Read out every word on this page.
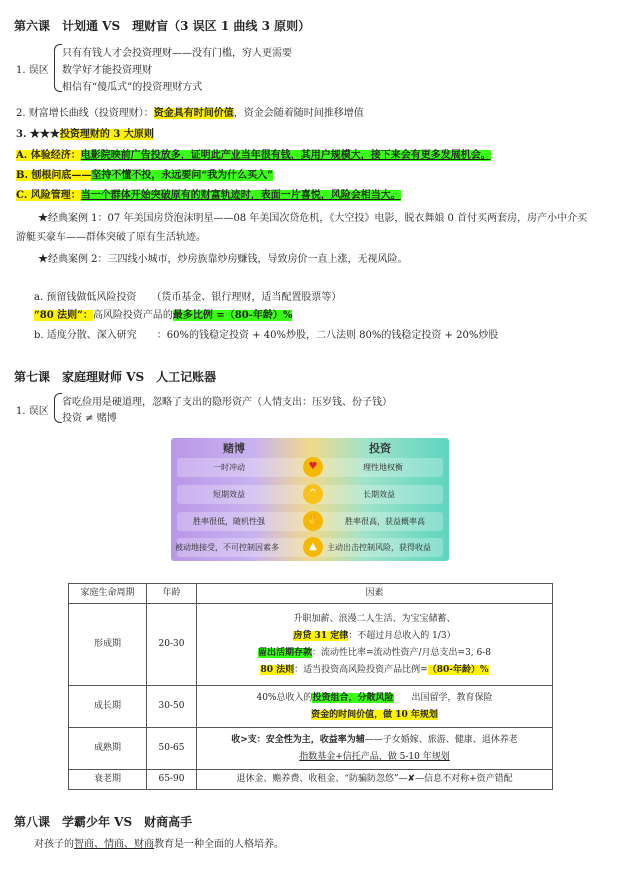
第六课　计划通 VS　理财盲（3 误区 1 曲线 3 原则）
1. 误区
只有有钱人才会投资理财——没有门槛，穷人更需要
数学好才能投资理财
相信有“傻瓜式”的投资理财方式
2. 财富增长曲线（投资理财）：资金具有时间价值，资金会随着随时间推移增值
3. ★★★投资理财的 3 大原则
A. 体验经济：电影院映前广告投放多，证明此产业当年很有钱，其用户规模大，接下来会有更多发展机会。
B. 刨根问底——坚持不懂不投，永远要问“我为什么买入”
C. 风险管理：当一个群体开始突破原有的财富轨迹时，表面一片喜悦，风险会相当大。
★经典案例 1：07 年美国房贷泡沫明星——08 年美国次贷危机，《大空投》电影，脱衣舞娘 0 首付买两套房，房产小中介买
游艇买豪车——群体突破了原有生活轨迹。
★经典案例 2：三四线小城市，炒房族靠炒房赚钱，导致房价一直上涨，无视风险。
a. 预留钱做低风险投资　　（货币基金、银行理财，适当配置股票等）
“80 法则”：高风险投资产品的最多比例 =（80-年龄）%
b. 适度分散、深入研究　　：60%的钱稳定投资 + 40%炒股，二八法则 80%的钱稳定投资 + 20%炒股
第七课　家庭理财师 VS　人工记账器
1. 误区
省吃俭用是硬道理，忽略了支出的隐形资产（人情支出：压岁钱、份子钱）
投资 ≠ 赌博
赌博	投资
一时冲动	♥	理性地权衡
短期效益	^	长期效益
胜率很低，随机性强	✋	胜率很高，获益概率高
被动地接受，不可控制因素多	▲	主动出击控制风险，获得收益
家庭生命周期	年龄	因素
形成期	20-30	升职加薪、浪漫二人生活、为宝宝储蓄、
房贷 31 定律：不超过月总收入的 1/3）
留出活期存款：流动性比率=流动性资产/月总支出=3, 6-8
80 法则：适当投资高风险投资产品比例=（80-年龄）%

成长期	30-50	40%总收入的投资组合，分散风险　　出国留学，教育保险
资金的时间价值，做 10 年规划

成熟期	50-65	收>支：安全性为主，收益率为辅——子女婚嫁、旅游、健康、退休养老
指数基金+信托产品，做 5-10 年规划

衰老期	65-90	退休金、赡养费、收租金、“防骗防忽悠”—✘—信息不对称+资产错配
第八课　学霸少年 VS　财商高手
对孩子的智商、情商、财商教育是一种全面的人格培养。
